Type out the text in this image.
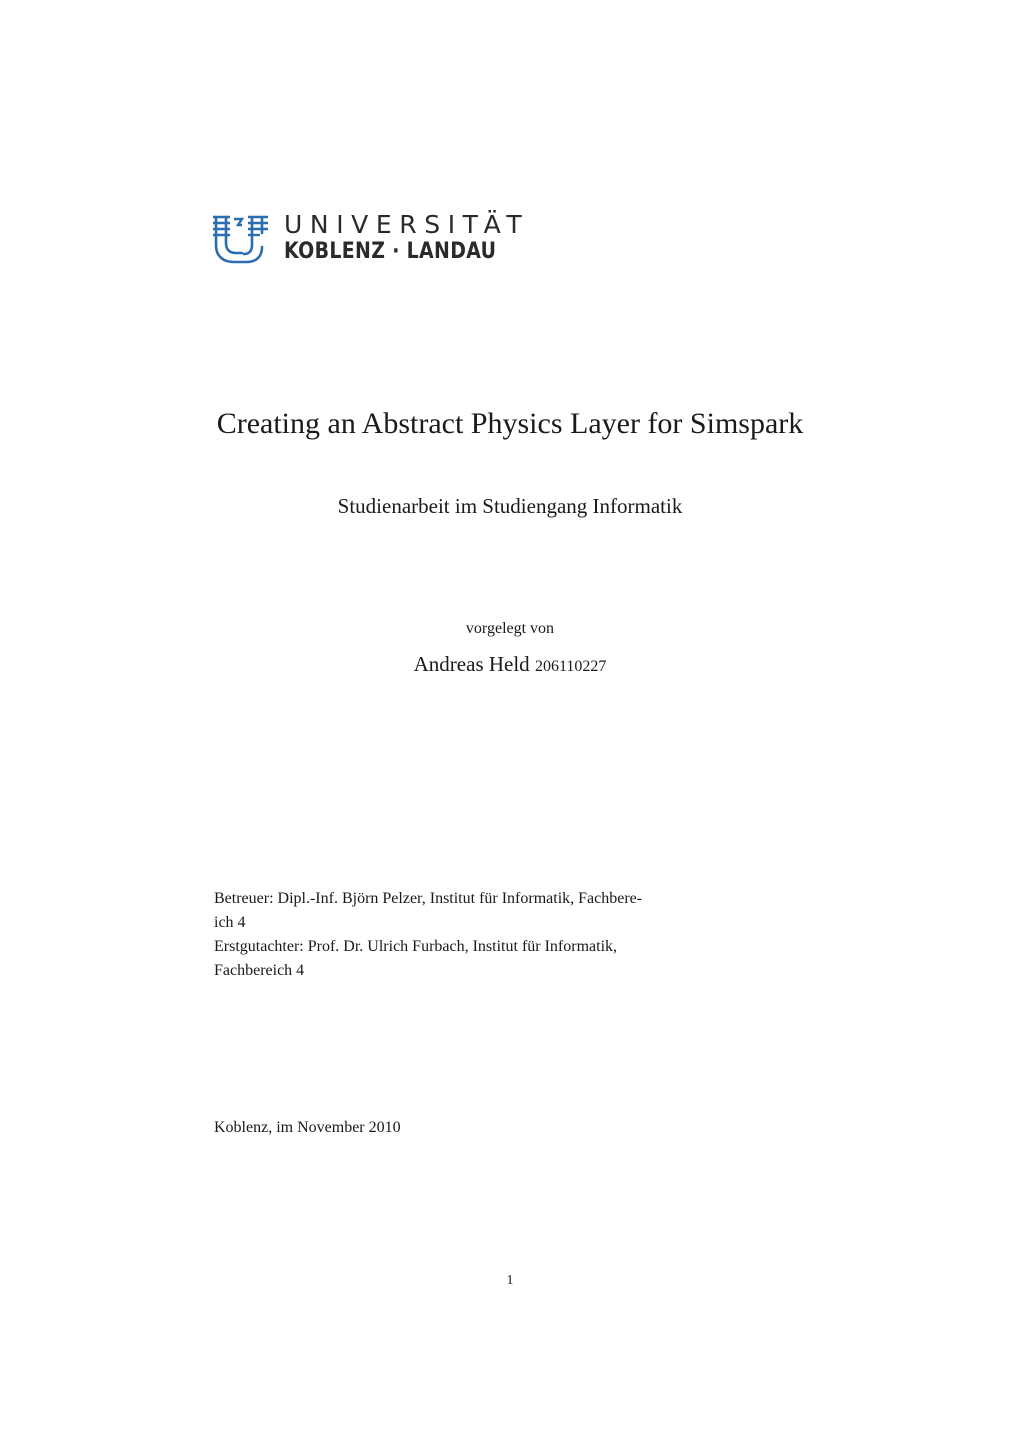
UNIVERSITÄT
KOBLENZ · LANDAU
Creating an Abstract Physics Layer for Simspark
Studienarbeit im Studiengang Informatik
vorgelegt von
Andreas Held 206110227

Betreuer: Dipl.-Inf. Björn Pelzer, Institut für Informatik, Fachbere-

ich 4

Erstgutachter: Prof. Dr. Ulrich Furbach, Institut für Informatik,

Fachbereich 4

Koblenz, im November 2010
1
